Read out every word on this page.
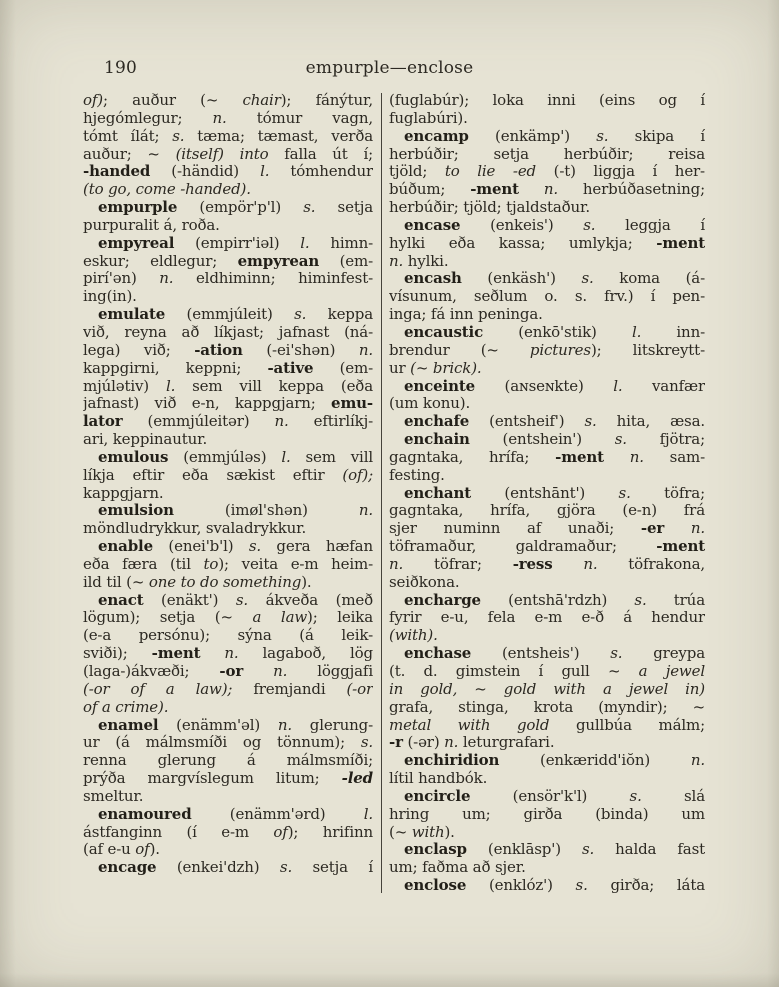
190	empurple—enclose
of); auður (~ chair); fánýtur,
hjegómlegur; n. tómur vagn,
tómt ílát; s. tæma; tæmast, verða
auður; ~ (itself) into falla út í;
-handed (-händid) l. tómhendur
(to go, come -handed).
empurple (empör'p'l) s. setja
purpuralit á, roða.
empyreal (empirr'iəl) l. himn-
eskur; eldlegur; empyrean (em-
pirí'ən) n. eldhiminn; himinfest-
ing(in).
emulate (emmjúleit) s. keppa
við, reyna að líkjast; jafnast (ná-
lega) við; -ation (-ei'shən) n.
kappgirni, keppni; -ative (em-
mjúlətiv) l. sem vill keppa (eða
jafnast) við e-n, kappgjarn; emu-
lator (emmjúleitər) n. eftirlíkj-
ari, keppinautur.
emulous (emmjúləs) l. sem vill
líkja eftir eða sækist eftir (of);
kappgjarn.
emulsion (imøl'shən) n.
möndludrykkur, svaladrykkur.
enable (enei'b'l) s. gera hæfan
eða færa (til to); veita e-m heim-
ild til (~ one to do something).
enact (enäkt') s. ákveða (með
lögum); setja (~ a law); leika
(e-a persónu); sýna (á leik-
sviði); -ment n. lagaboð, lög
(laga-)ákvæði; -or n. löggjafi
(-or of a law); fremjandi (-or
of a crime).
enamel (enämm'əl) n. glerung-
ur (á málmsmíði og tönnum); s.
renna glerung á málmsmíði;
prýða margvíslegum litum; -led
smeltur.
enamoured (enämm'ərd) l.
ástfanginn (í e-m of); hrifinn
(af e-u of).
encage (enkei'dzh) s. setja í
(fuglabúr); loka inni (eins og í
fuglabúri).
encamp (enkämp') s. skipa í
herbúðir; setja herbúðir; reisa
tjöld; to lie -ed (-t) liggja í her-
búðum; -ment n. herbúðasetning;
herbúðir; tjöld; tjaldstaður.
encase (enkeis') s. leggja í
hylki eða kassa; umlykja; -ment
n. hylki.
encash (enkäsh') s. koma (á-
vísunum, seðlum o. s. frv.) í pen-
inga; fá inn peninga.
encaustic (enkō'stik) l. inn-
brendur (~ pictures); litskreytt-
ur (~ brick).
enceinte (aɴseɴkte) l. vanfær
(um konu).
enchafe (entsheif') s. hita, æsa.
enchain (entshein') s. fjötra;
gagntaka, hrífa; -ment n. sam-
festing.
enchant (entshānt') s. töfra;
gagntaka, hrífa, gjöra (e-n) frá
sjer numinn af unaði; -er n.
töframaður, galdramaður; -ment
n. töfrar; -ress n. töfrakona,
seiðkona.
encharge (entshā'rdzh) s. trúa
fyrir e-u, fela e-m e-ð á hendur
(with).
enchase (entsheis') s. greypa
(t. d. gimstein í gull ~ a jewel
in gold, ~ gold with a jewel in)
grafa, stinga, krota (myndir); ~
metal with gold gullbúa málm;
-r (-ər) n. leturgrafari.
enchiridion (enkæridd'iŏn) n.
lítil handbók.
encircle (ensör'k'l) s. slá
hring um; girða (binda) um
(~ with).
enclasp (enklāsp') s. halda fast
um; faðma að sjer.
enclose (enklóz') s. girða; láta
